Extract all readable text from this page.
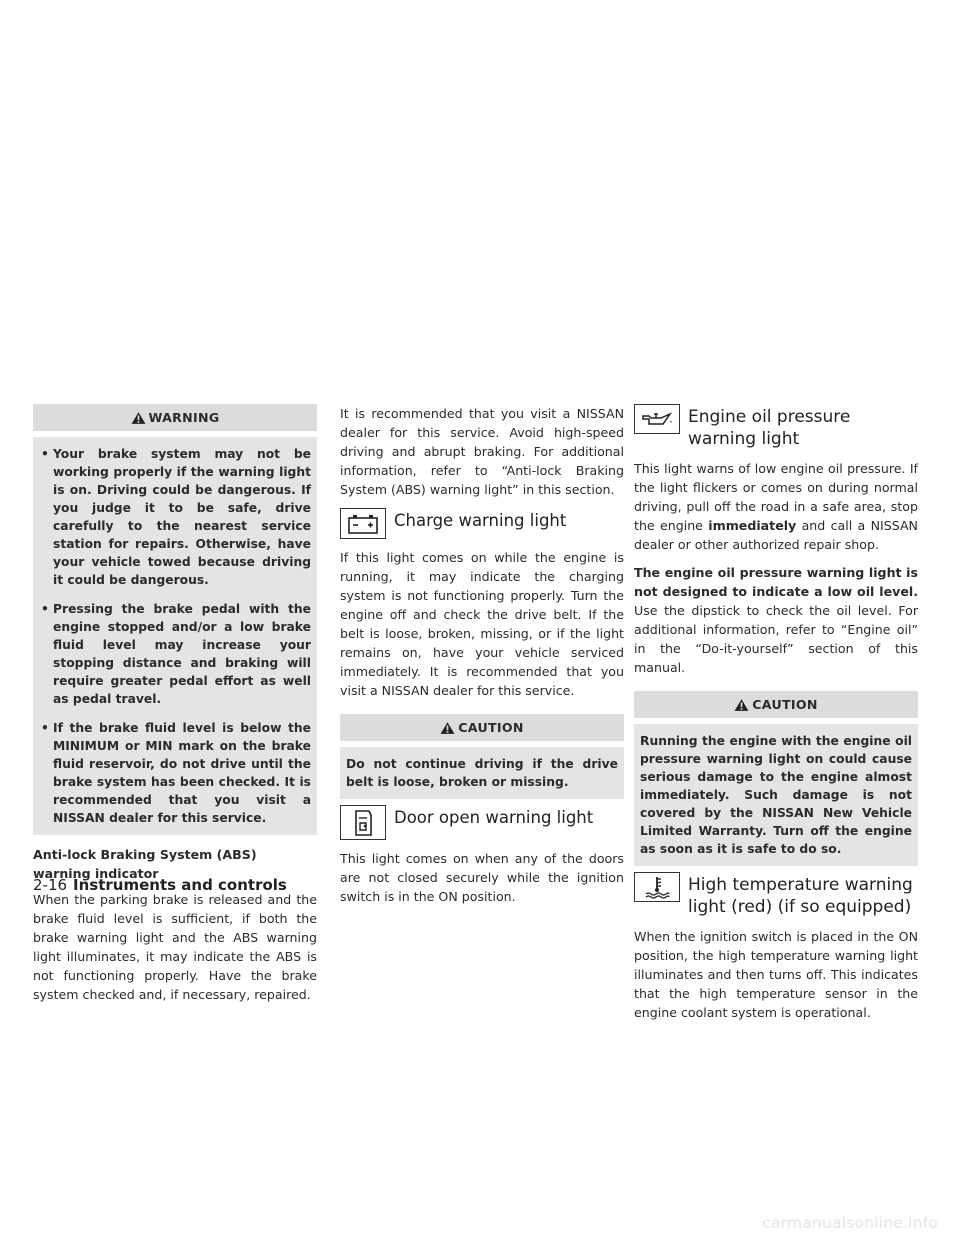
WARNING
• Your brake system may not be working properly if the warning light is on. Driving could be dangerous. If you judge it to be safe, drive carefully to the nearest service station for repairs. Otherwise, have your vehicle towed because driving it could be dangerous.
• Pressing the brake pedal with the engine stopped and/or a low brake fluid level may increase your stopping distance and braking will require greater pedal effort as well as pedal travel.
• If the brake fluid level is below the MINIMUM or MIN mark on the brake fluid reservoir, do not drive until the brake system has been checked. It is recommended that you visit a NISSAN dealer for this service.
Anti-lock Braking System (ABS) warning indicator

When the parking brake is released and the brake fluid level is sufficient, if both the brake warning light and the ABS warning light illuminates, it may indicate the ABS is not functioning properly. Have the brake system checked and, if necessary, repaired.

It is recommended that you visit a NISSAN dealer for this service. Avoid high-speed driving and abrupt braking. For additional information, refer to “Anti-lock Braking System (ABS) warning light” in this section.

Charge warning light

If this light comes on while the engine is running, it may indicate the charging system is not functioning properly. Turn the engine off and check the drive belt. If the belt is loose, broken, missing, or if the light remains on, have your vehicle serviced immediately. It is recommended that you visit a NISSAN dealer for this service.

CAUTION
Do not continue driving if the drive belt is loose, broken or missing.
Door open warning light

This light comes on when any of the doors are not closed securely while the ignition switch is in the ON position.

Engine oil pressure warning light

This light warns of low engine oil pressure. If the light flickers or comes on during normal driving, pull off the road in a safe area, stop the engine immediately and call a NISSAN dealer or other authorized repair shop.

The engine oil pressure warning light is not designed to indicate a low oil level. Use the dipstick to check the oil level. For additional information, refer to “Engine oil” in the “Do-it-yourself” section of this manual.

CAUTION
Running the engine with the engine oil pressure warning light on could cause serious damage to the engine almost immediately. Such damage is not covered by the NISSAN New Vehicle Limited Warranty. Turn off the engine as soon as it is safe to do so.
High temperature warning light (red) (if so equipped)

When the ignition switch is placed in the ON position, the high temperature warning light illuminates and then turns off. This indicates that the high temperature sensor in the engine coolant system is operational.

2-16 Instruments and controls
carmanualsonline.info
